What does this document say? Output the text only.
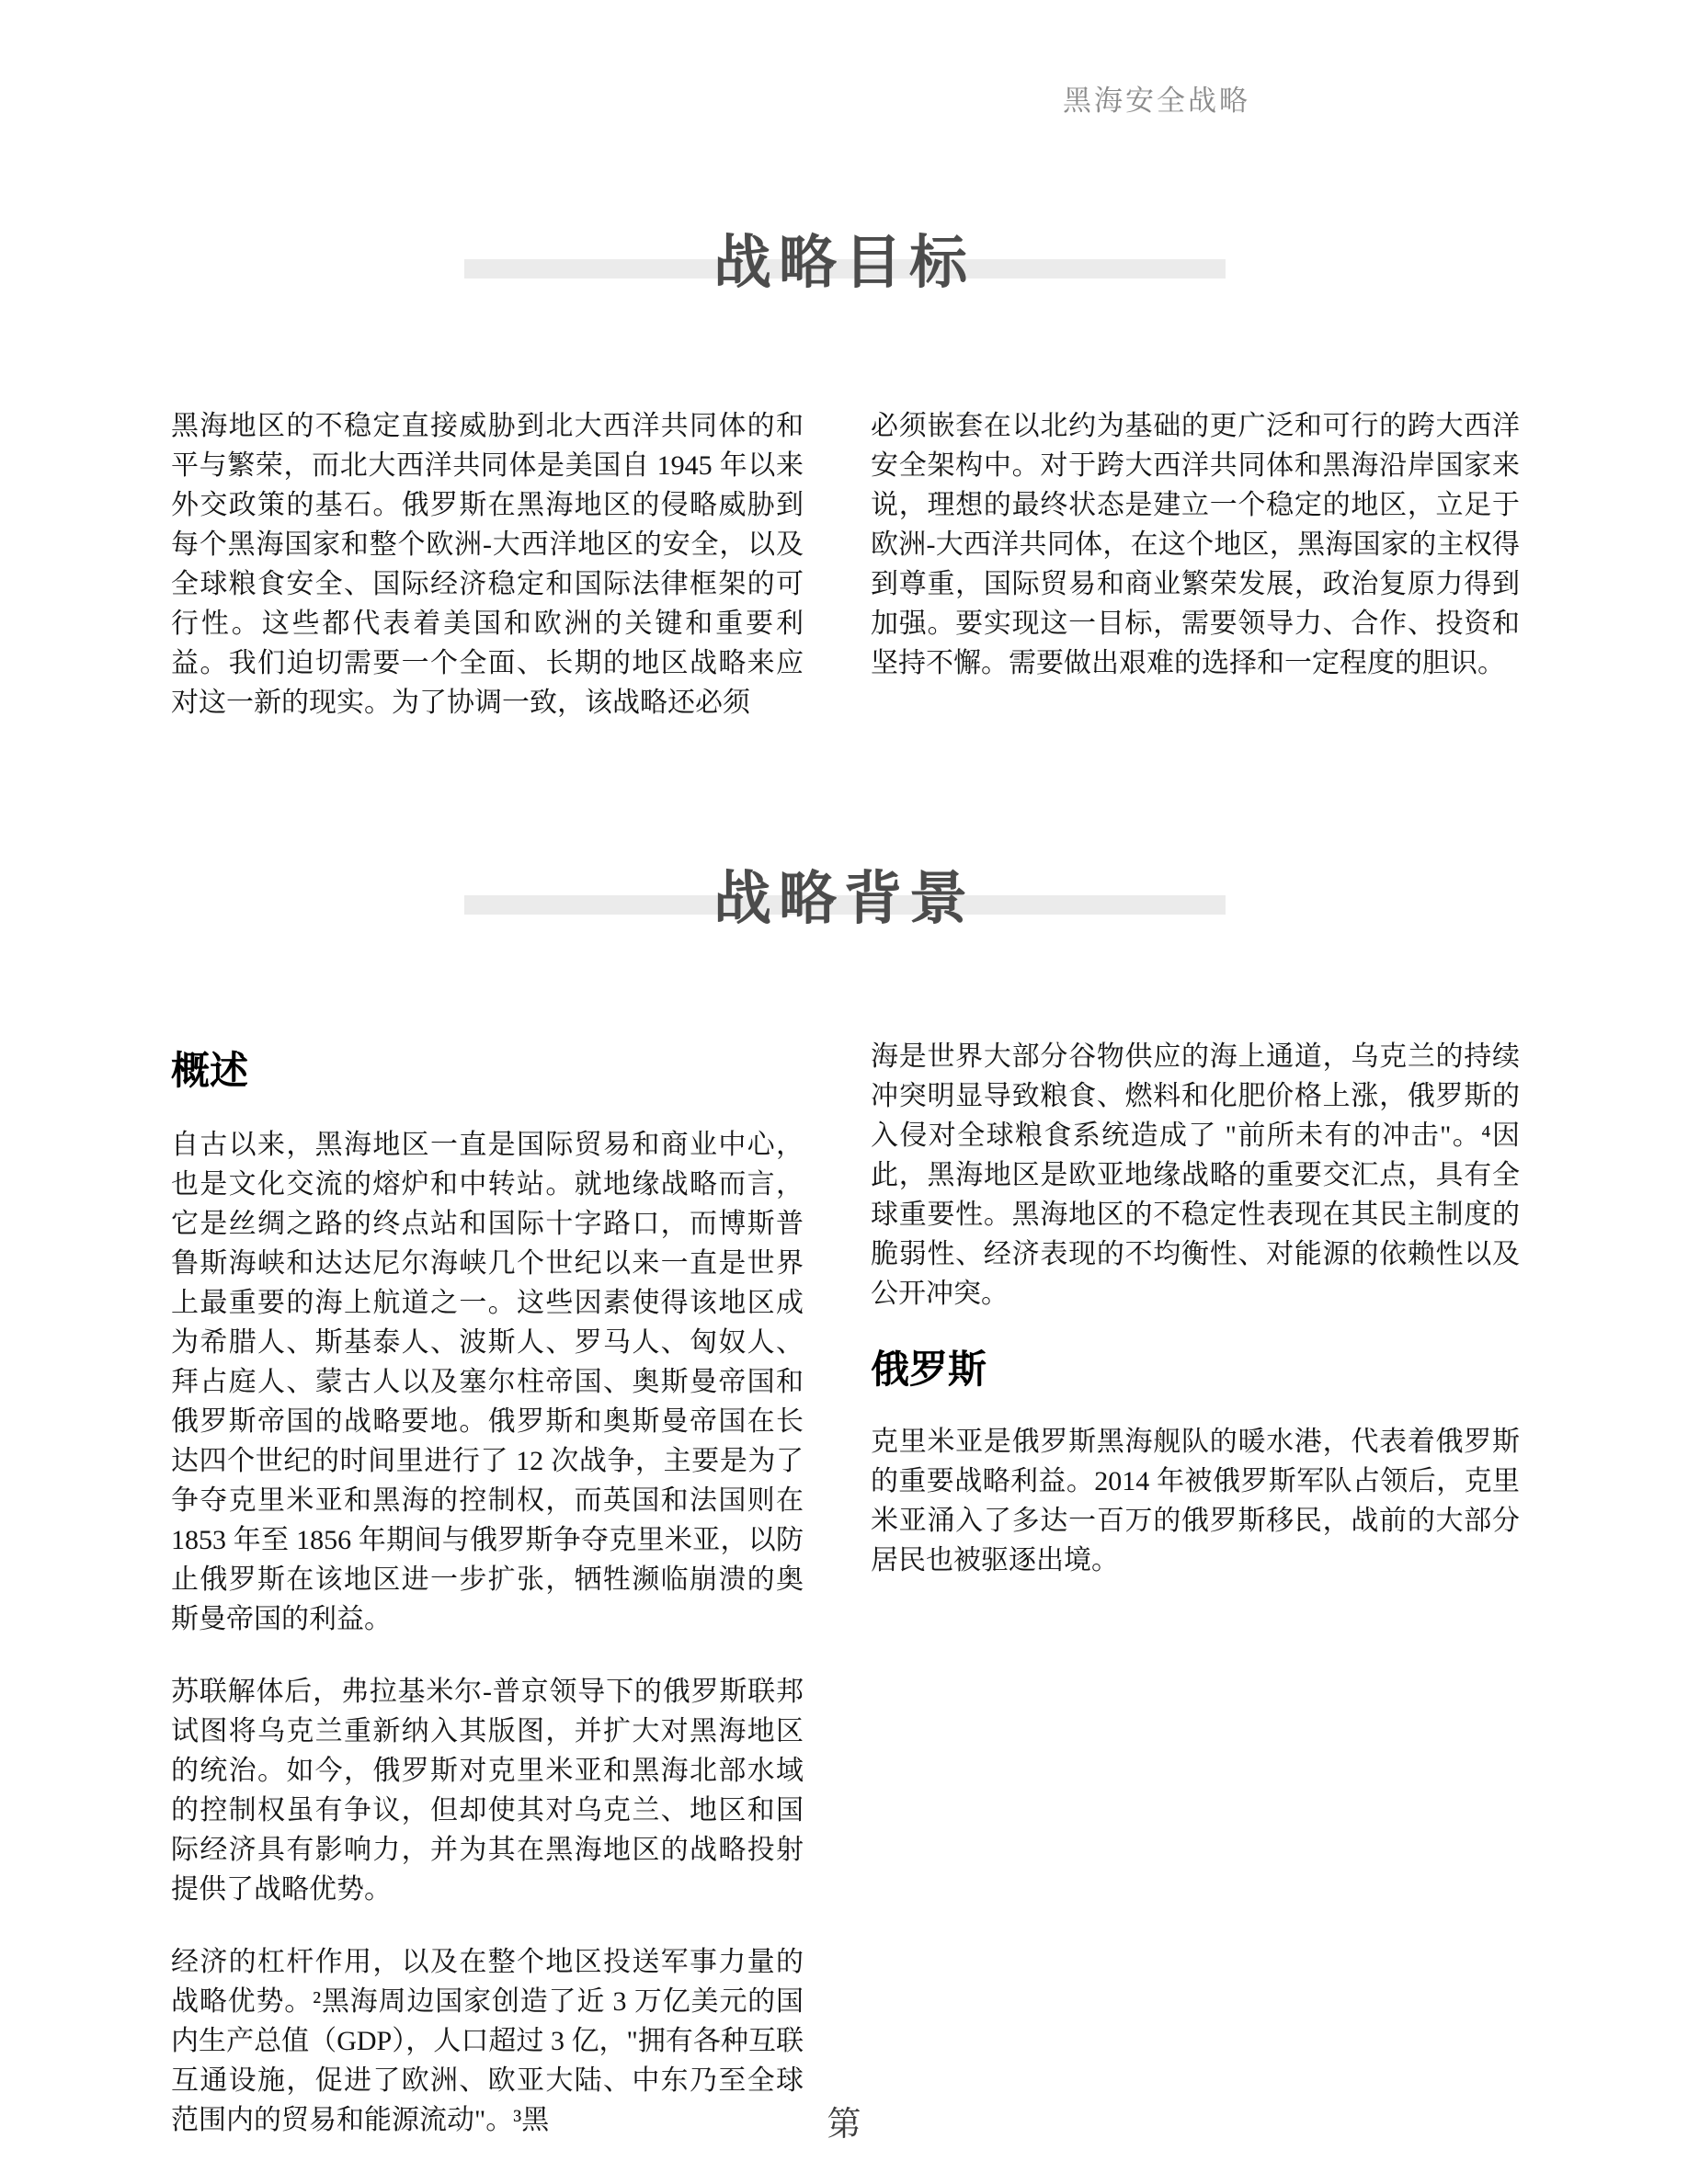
黑海安全战略
战略目标

黑海地区的不稳定直接威胁到北大西洋共同体的和平与繁荣，而北大西洋共同体是美国自 1945 年以来外交政策的基石。俄罗斯在黑海地区的侵略威胁到每个黑海国家和整个欧洲-大西洋地区的安全，以及全球粮食安全、国际经济稳定和国际法律框架的可行性。这些都代表着美国和欧洲的关键和重要利益。我们迫切需要一个全面、长期的地区战略来应对这一新的现实。为了协调一致，该战略还必须

必须嵌套在以北约为基础的更广泛和可行的跨大西洋安全架构中。对于跨大西洋共同体和黑海沿岸国家来说，理想的最终状态是建立一个稳定的地区，立足于欧洲-大西洋共同体，在这个地区，黑海国家的主权得到尊重，国际贸易和商业繁荣发展，政治复原力得到加强。要实现这一目标，需要领导力、合作、投资和坚持不懈。需要做出艰难的选择和一定程度的胆识。

战略背景
概述

自古以来，黑海地区一直是国际贸易和商业中心，也是文化交流的熔炉和中转站。就地缘战略而言，它是丝绸之路的终点站和国际十字路口，而博斯普鲁斯海峡和达达尼尔海峡几个世纪以来一直是世界上最重要的海上航道之一。这些因素使得该地区成为希腊人、斯基泰人、波斯人、罗马人、匈奴人、拜占庭人、蒙古人以及塞尔柱帝国、奥斯曼帝国和俄罗斯帝国的战略要地。俄罗斯和奥斯曼帝国在长达四个世纪的时间里进行了 12 次战争，主要是为了争夺克里米亚和黑海的控制权，而英国和法国则在 1853 年至 1856 年期间与俄罗斯争夺克里米亚，以防止俄罗斯在该地区进一步扩张，牺牲濒临崩溃的奥斯曼帝国的利益。

苏联解体后，弗拉基米尔-普京领导下的俄罗斯联邦试图将乌克兰重新纳入其版图，并扩大对黑海地区的统治。如今，俄罗斯对克里米亚和黑海北部水域的控制权虽有争议，但却使其对乌克兰、地区和国际经济具有影响力，并为其在黑海地区的战略投射提供了战略优势。

经济的杠杆作用，以及在整个地区投送军事力量的战略优势。²黑海周边国家创造了近 3 万亿美元的国内生产总值（GDP），人口超过 3 亿，"拥有各种互联互通设施，促进了欧洲、欧亚大陆、中东乃至全球范围内的贸易和能源流动"。³黑

海是世界大部分谷物供应的海上通道，乌克兰的持续冲突明显导致粮食、燃料和化肥价格上涨，俄罗斯的入侵对全球粮食系统造成了 "前所未有的冲击"。⁴因此，黑海地区是欧亚地缘战略的重要交汇点，具有全球重要性。黑海地区的不稳定性表现在其民主制度的脆弱性、经济表现的不均衡性、对能源的依赖性以及公开冲突。

俄罗斯

克里米亚是俄罗斯黑海舰队的暖水港，代表着俄罗斯的重要战略利益。2014 年被俄罗斯军队占领后，克里米亚涌入了多达一百万的俄罗斯移民，战前的大部分居民也被驱逐出境。

第
